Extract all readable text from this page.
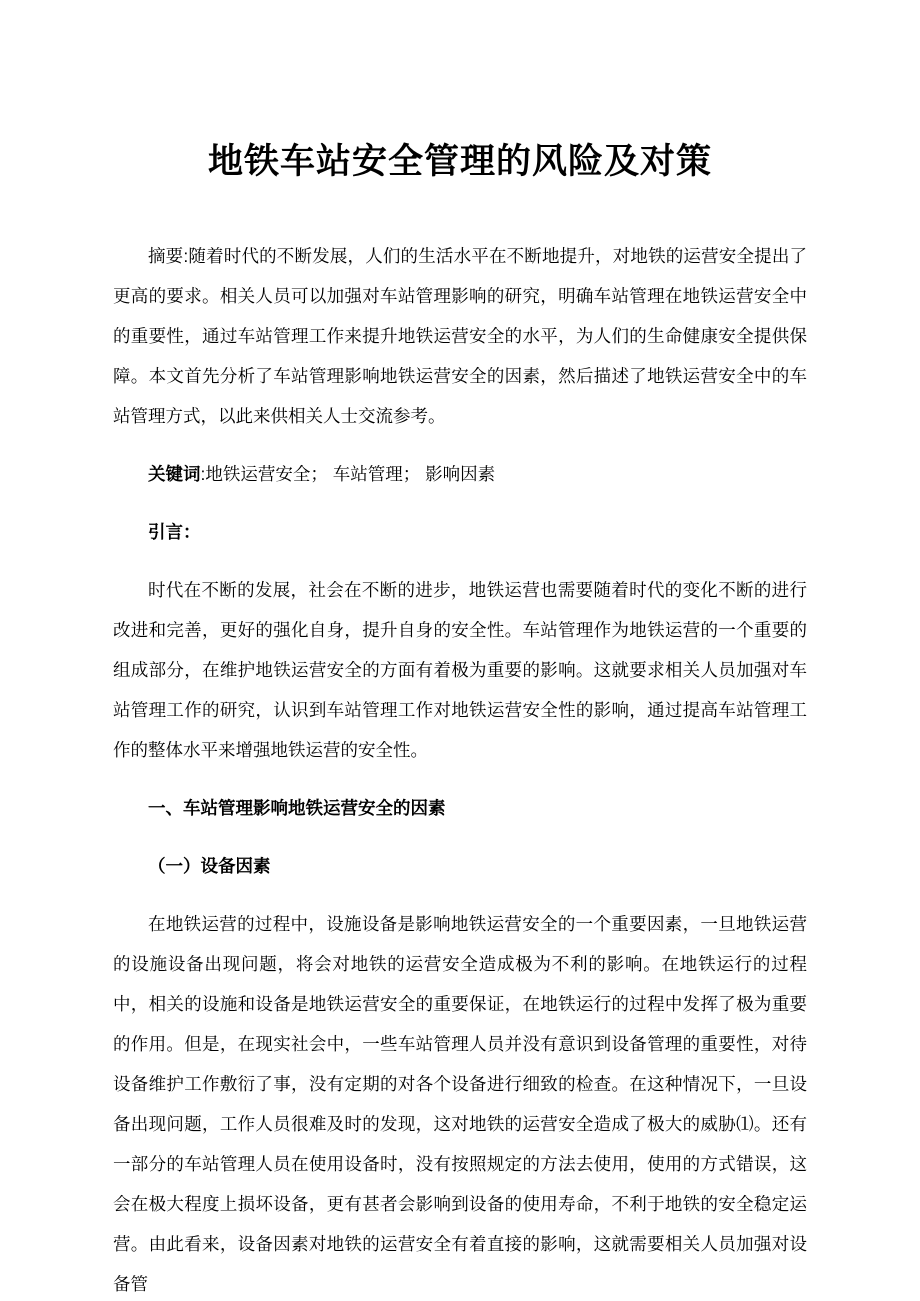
地铁车站安全管理的风险及对策

摘要:随着时代的不断发展，人们的生活水平在不断地提升，对地铁的运营安全提出了更高的要求。相关人员可以加强对车站管理影响的研究，明确车站管理在地铁运营安全中的重要性，通过车站管理工作来提升地铁运营安全的水平，为人们的生命健康安全提供保障。本文首先分析了车站管理影响地铁运营安全的因素，然后描述了地铁运营安全中的车站管理方式，以此来供相关人士交流参考。

关键词:地铁运营安全； 车站管理； 影响因素

引言：

时代在不断的发展，社会在不断的进步，地铁运营也需要随着时代的变化不断的进行改进和完善，更好的强化自身，提升自身的安全性。车站管理作为地铁运营的一个重要的组成部分，在维护地铁运营安全的方面有着极为重要的影响。这就要求相关人员加强对车站管理工作的研究，认识到车站管理工作对地铁运营安全性的影响，通过提高车站管理工作的整体水平来增强地铁运营的安全性。

一、车站管理影响地铁运营安全的因素

（一）设备因素

在地铁运营的过程中，设施设备是影响地铁运营安全的一个重要因素，一旦地铁运营的设施设备出现问题，将会对地铁的运营安全造成极为不利的影响。在地铁运行的过程中，相关的设施和设备是地铁运营安全的重要保证，在地铁运行的过程中发挥了极为重要的作用。但是，在现实社会中，一些车站管理人员并没有意识到设备管理的重要性，对待设备维护工作敷衍了事，没有定期的对各个设备进行细致的检查。在这种情况下，一旦设备出现问题，工作人员很难及时的发现，这对地铁的运营安全造成了极大的威胁⑴。还有一部分的车站管理人员在使用设备时，没有按照规定的方法去使用，使用的方式错误，这会在极大程度上损坏设备，更有甚者会影响到设备的使用寿命，不利于地铁的安全稳定运营。由此看来，设备因素对地铁的运营安全有着直接的影响，这就需要相关人员加强对设备管
